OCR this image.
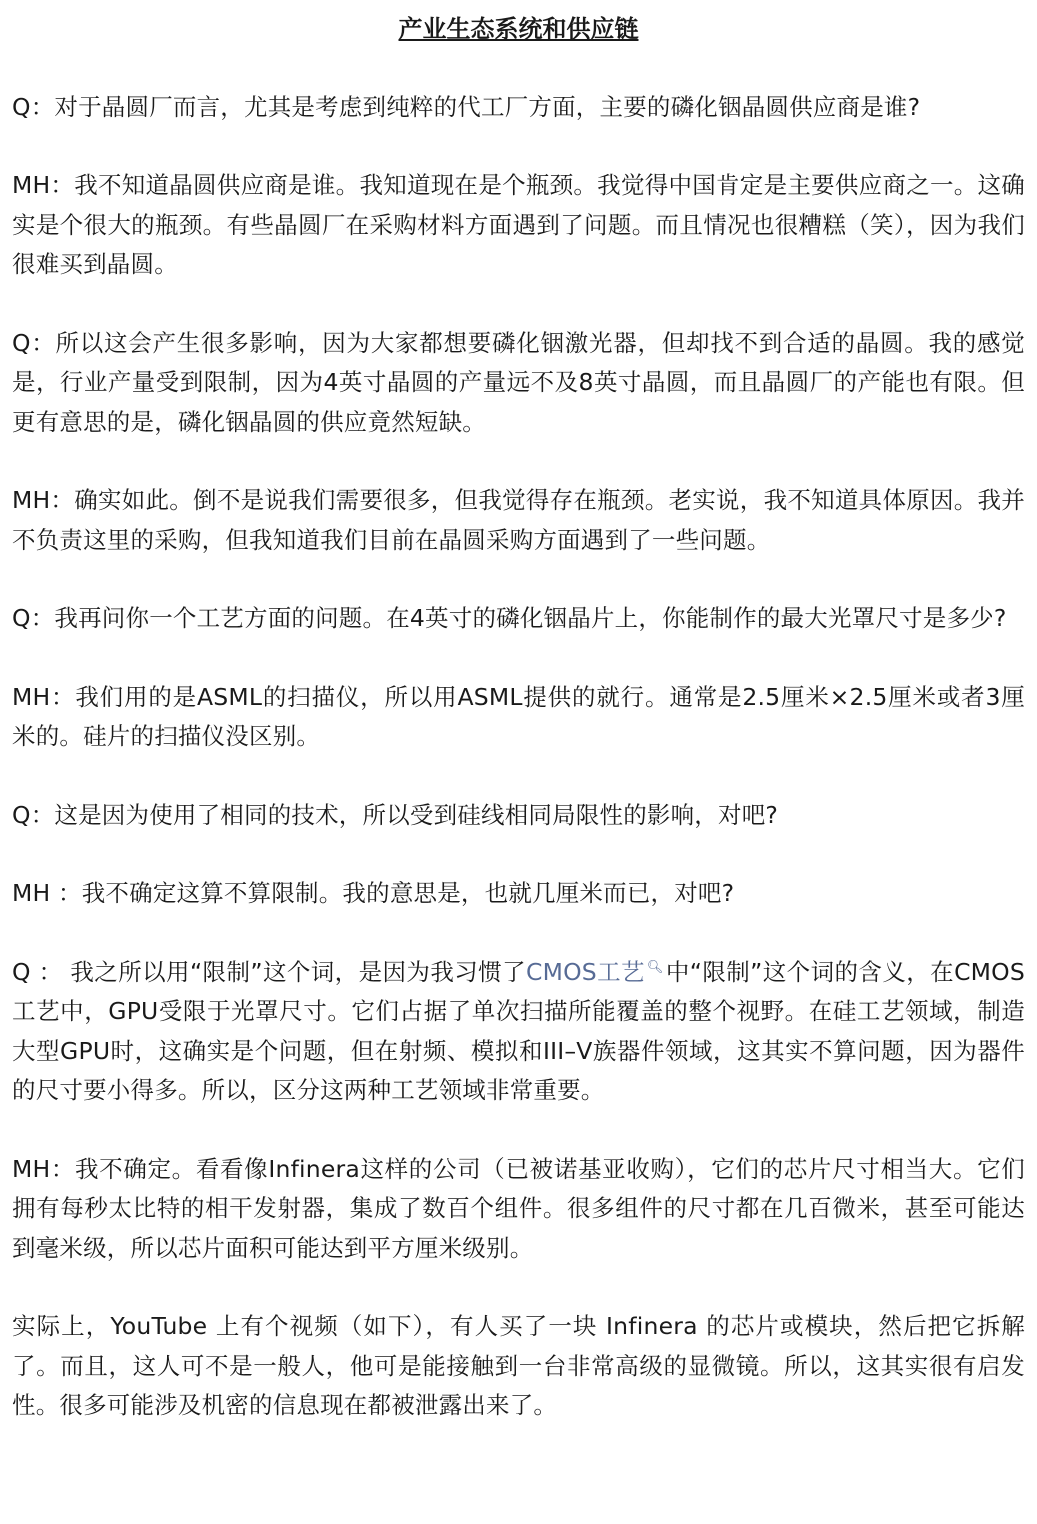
产业生态系统和供应链

Q：对于晶圆厂而言，尤其是考虑到纯粹的代工厂方面，主要的磷化铟晶圆供应商是谁?

MH：我不知道晶圆供应商是谁。我知道现在是个瓶颈。我觉得中国肯定是主要供应商之一。这确实是个很大的瓶颈。有些晶圆厂在采购材料方面遇到了问题。而且情况也很糟糕（笑），因为我们很难买到晶圆。

Q：所以这会产生很多影响，因为大家都想要磷化铟激光器，但却找不到合适的晶圆。我的感觉是，行业产量受到限制，因为4英寸晶圆的产量远不及8英寸晶圆，而且晶圆厂的产能也有限。但更有意思的是，磷化铟晶圆的供应竟然短缺。

MH：确实如此。倒不是说我们需要很多，但我觉得存在瓶颈。老实说，我不知道具体原因。我并不负责这里的采购，但我知道我们目前在晶圆采购方面遇到了一些问题。

Q：我再问你一个工艺方面的问题。在4英寸的磷化铟晶片上，你能制作的最大光罩尺寸是多少?

MH：我们用的是ASML的扫描仪，所以用ASML提供的就行。通常是2.5厘米×2.5厘米或者3厘米的。硅片的扫描仪没区别。

Q：这是因为使用了相同的技术，所以受到硅线相同局限性的影响，对吧?

MH ：我不确定这算不算限制。我的意思是，也就几厘米而已，对吧?

Q ： 我之所以用“限制”这个词，是因为我习惯了CMOS工艺 🔍︎中“限制”这个词的含义，在CMOS工艺中，GPU受限于光罩尺寸。它们占据了单次扫描所能覆盖的整个视野。在硅工艺领域，制造大型GPU时，这确实是个问题，但在射频、模拟和III–V族器件领域，这其实不算问题，因为器件的尺寸要小得多。所以，区分这两种工艺领域非常重要。

MH：我不确定。看看像Infinera这样的公司（已被诺基亚收购），它们的芯片尺寸相当大。它们拥有每秒太比特的相干发射器，集成了数百个组件。很多组件的尺寸都在几百微米，甚至可能达到毫米级，所以芯片面积可能达到平方厘米级别。

实际上，YouTube 上有个视频（如下），有人买了一块 Infinera 的芯片或模块，然后把它拆解了。而且，这人可不是一般人，他可是能接触到一台非常高级的显微镜。所以，这其实很有启发性。很多可能涉及机密的信息现在都被泄露出来了。
